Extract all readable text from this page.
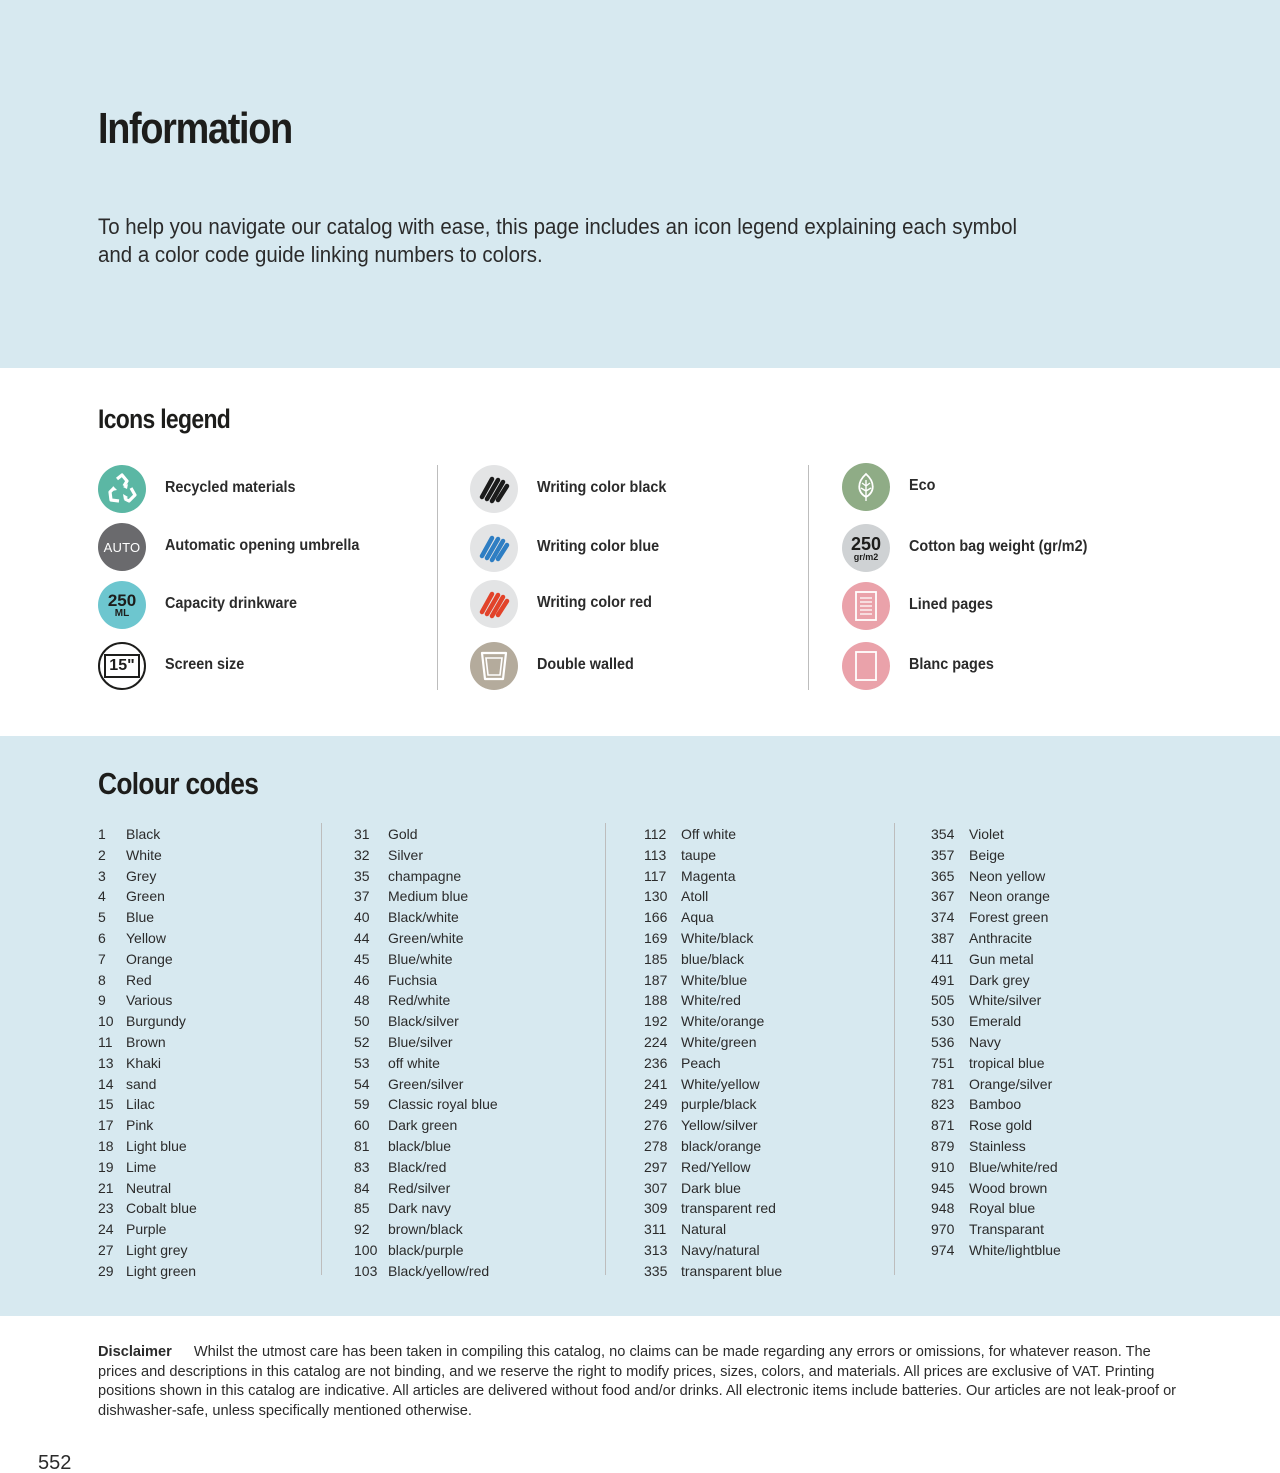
Information

To help you navigate our catalog with ease, this page includes an icon legend explaining each symbol and a color code guide linking numbers to colors.

Icons legend
Recycled materials
AUTO Automatic opening umbrella
250
ML
Capacity drinkware
15"	Screen size
Writing color black
Writing color blue
Writing color red
Double walled
Eco
250
gr/m2
Cotton bag weight (gr/m2)
Lined pages
Blanc pages
Colour codes
1 Black
2 White
3 Grey
4 Green
5 Blue
6 Yellow
7 Orange
8 Red
9 Various
10 Burgundy
11 Brown
13 Khaki
14 sand
15 Lilac
17 Pink
18 Light blue
19 Lime
21 Neutral
23 Cobalt blue
24 Purple
27 Light grey
29 Light green
31 Gold
32 Silver
35 champagne
37 Medium blue
40 Black/white
44 Green/white
45 Blue/white
46 Fuchsia
48 Red/white
50 Black/silver
52 Blue/silver
53 off white
54 Green/silver
59 Classic royal blue
60 Dark green
81 black/blue
83 Black/red
84 Red/silver
85 Dark navy
92 brown/black
100 black/purple
103 Black/yellow/red
112 Off white
113 taupe
117 Magenta
130 Atoll
166 Aqua
169 White/black
185 blue/black
187 White/blue
188 White/red
192 White/orange
224 White/green
236 Peach
241 White/yellow
249 purple/black
276 Yellow/silver
278 black/orange
297 Red/Yellow
307 Dark blue
309 transparent red
311 Natural
313 Navy/natural
335 transparent blue
354 Violet
357 Beige
365 Neon yellow
367 Neon orange
374 Forest green
387 Anthracite
411 Gun metal
491 Dark grey
505 White/silver
530 Emerald
536 Navy
751 tropical blue
781 Orange/silver
823 Bamboo
871 Rose gold
879 Stainless
910 Blue/white/red
945 Wood brown
948 Royal blue
970 Transparant
974 White/lightblue
Disclaimer Whilst the utmost care has been taken in compiling this catalog, no claims can be made regarding any errors or omissions, for whatever reason. The prices and descriptions in this catalog are not binding, and we reserve the right to modify prices, sizes, colors, and materials. All prices are exclusive of VAT. Printing positions shown in this catalog are indicative. All articles are delivered without food and/or drinks. All electronic items include batteries. Our articles are not leak-proof or dishwasher-safe, unless specifically mentioned otherwise.
552
